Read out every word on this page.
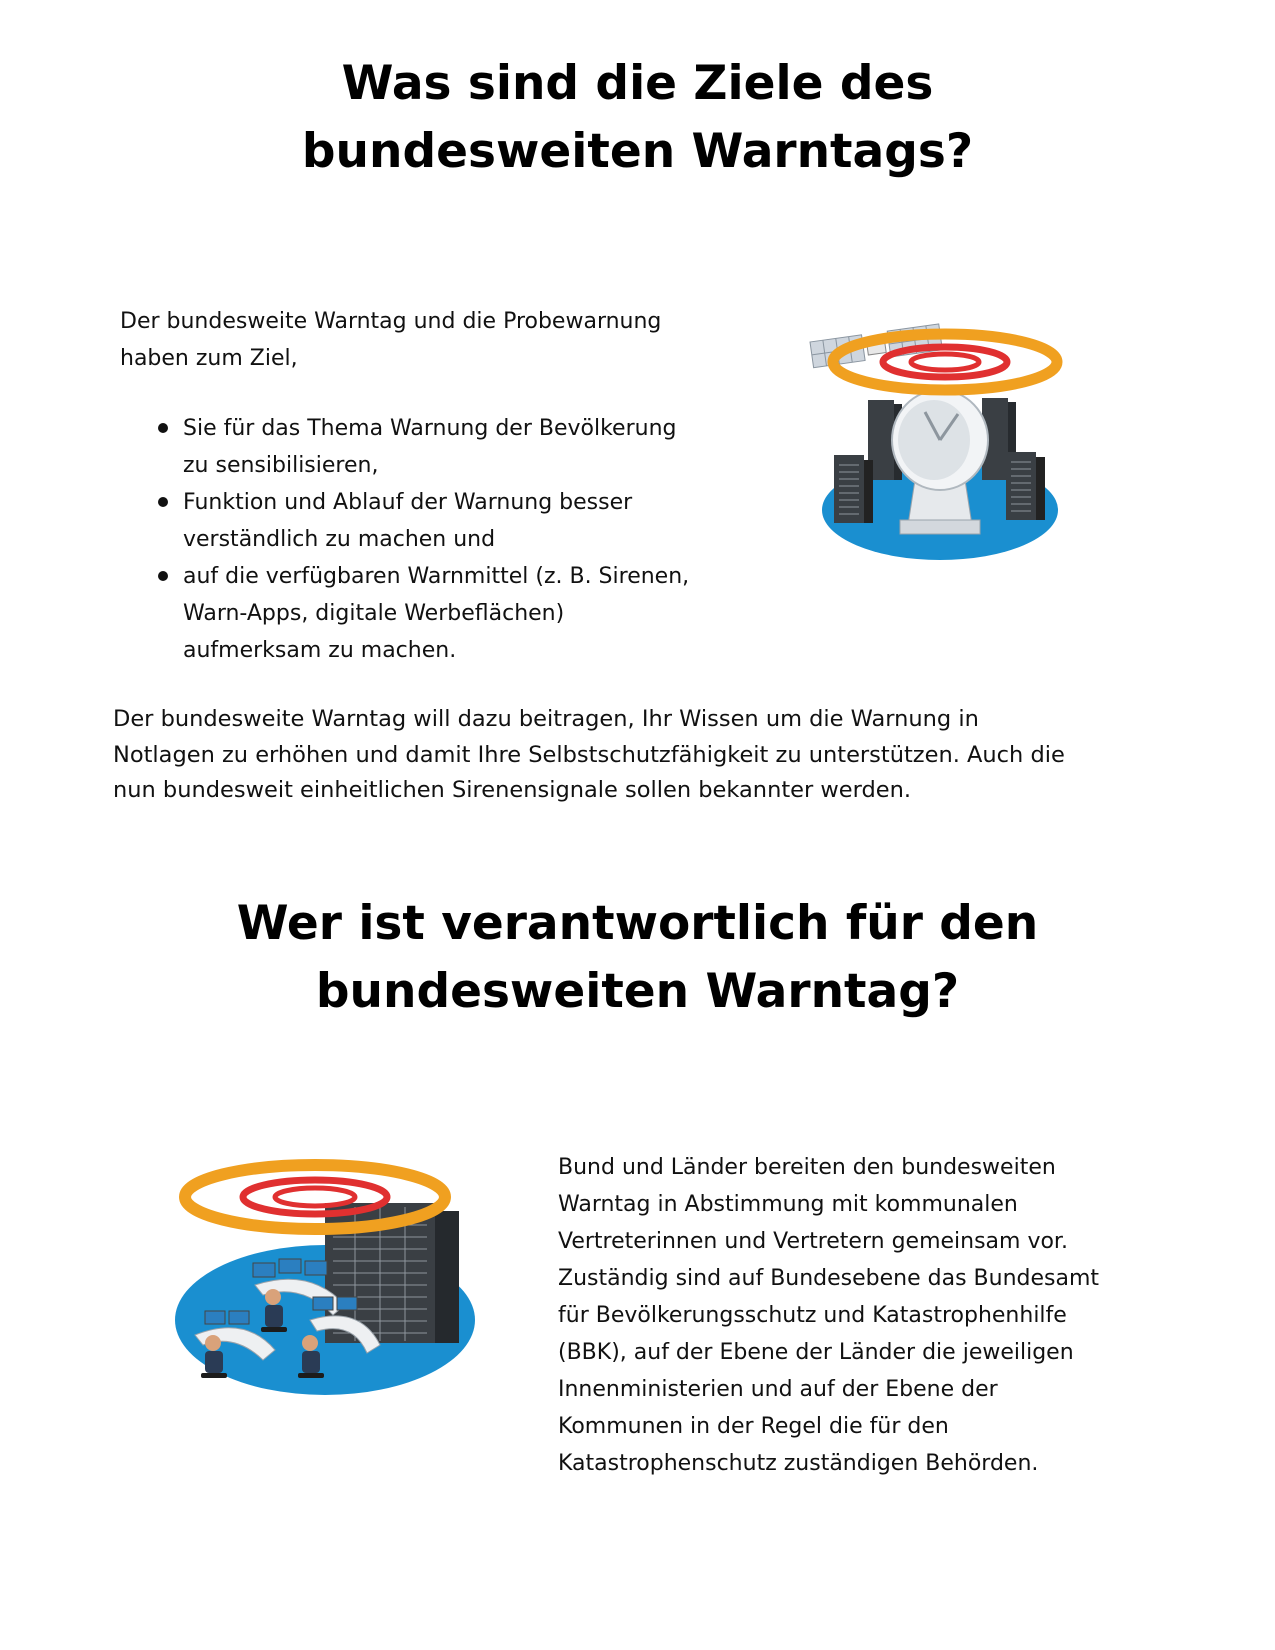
Was sind die Ziele des
bundesweiten Warntags?
Der bundesweite Warntag und die Probewarnung
haben zum Ziel,
Sie für das Thema Warnung der Bevölkerung
zu sensibilisieren,
Funktion und Ablauf der Warnung besser
verständlich zu machen und
auf die verfügbaren Warnmittel (z. B. Sirenen,
Warn-Apps, digitale Werbeflächen)
aufmerksam zu machen.
Der bundesweite Warntag will dazu beitragen, Ihr Wissen um die Warnung in
Notlagen zu erhöhen und damit Ihre Selbstschutzfähigkeit zu unterstützen. Auch die
nun bundesweit einheitlichen Sirenensignale sollen bekannter werden.
Wer ist verantwortlich für den
bundesweiten Warntag?
Bund und Länder bereiten den bundesweiten
Warntag in Abstimmung mit kommunalen
Vertreterinnen und Vertretern gemeinsam vor.
Zuständig sind auf Bundesebene das Bundesamt
für Bevölkerungsschutz und Katastrophenhilfe
(BBK), auf der Ebene der Länder die jeweiligen
Innenministerien und auf der Ebene der
Kommunen in der Regel die für den
Katastrophenschutz zuständigen Behörden.
